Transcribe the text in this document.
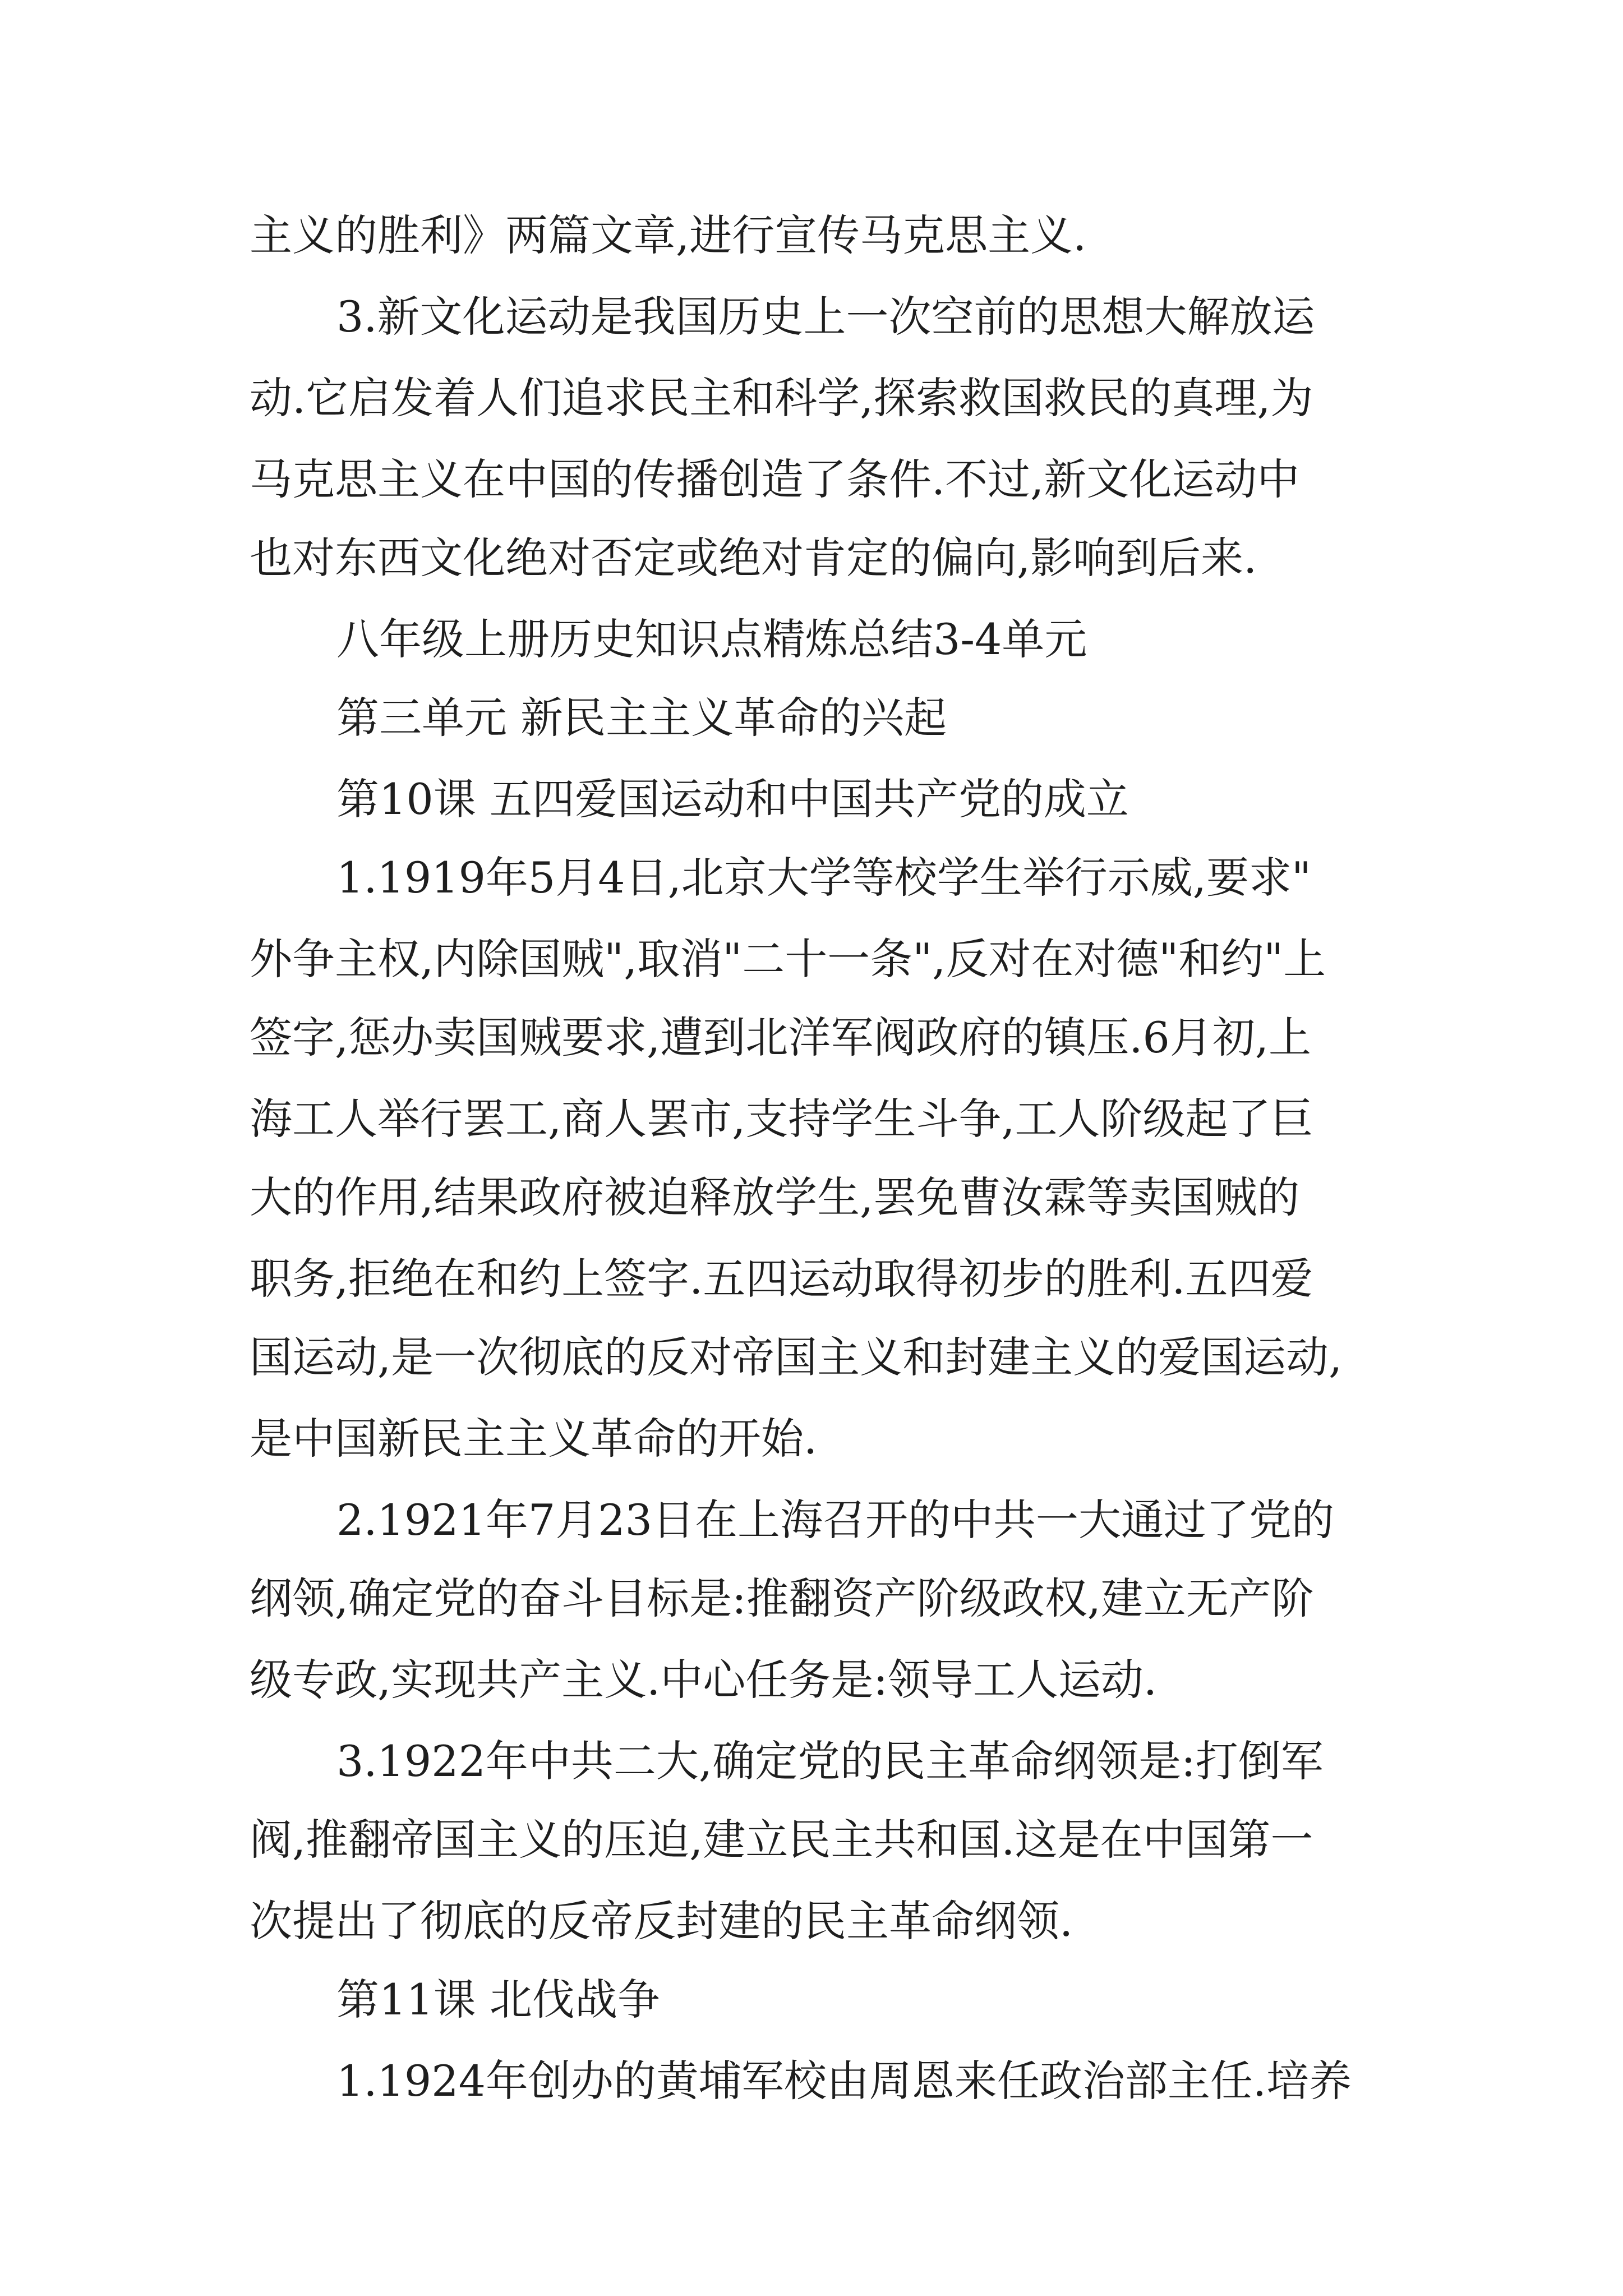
主义的胜利》两篇文章,进行宣传马克思主义.
3.新文化运动是我国历史上一次空前的思想大解放运
动.它启发着人们追求民主和科学,探索救国救民的真理,为
马克思主义在中国的传播创造了条件.不过,新文化运动中
也对东西文化绝对否定或绝对肯定的偏向,影响到后来.
八年级上册历史知识点精炼总结3-4单元
第三单元 新民主主义革命的兴起
第10课 五四爱国运动和中国共产党的成立
1.1919年5月4日,北京大学等校学生举行示威,要求"
外争主权,内除国贼",取消"二十一条",反对在对德"和约"上
签字,惩办卖国贼要求,遭到北洋军阀政府的镇压.6月初,上
海工人举行罢工,商人罢市,支持学生斗争,工人阶级起了巨
大的作用,结果政府被迫释放学生,罢免曹汝霖等卖国贼的
职务,拒绝在和约上签字.五四运动取得初步的胜利.五四爱
国运动,是一次彻底的反对帝国主义和封建主义的爱国运动,
是中国新民主主义革命的开始.
2.1921年7月23日在上海召开的中共一大通过了党的
纲领,确定党的奋斗目标是:推翻资产阶级政权,建立无产阶
级专政,实现共产主义.中心任务是:领导工人运动.
3.1922年中共二大,确定党的民主革命纲领是:打倒军
阀,推翻帝国主义的压迫,建立民主共和国.这是在中国第一
次提出了彻底的反帝反封建的民主革命纲领.
第11课 北伐战争
1.1924年创办的黄埔军校由周恩来任政治部主任.培养
